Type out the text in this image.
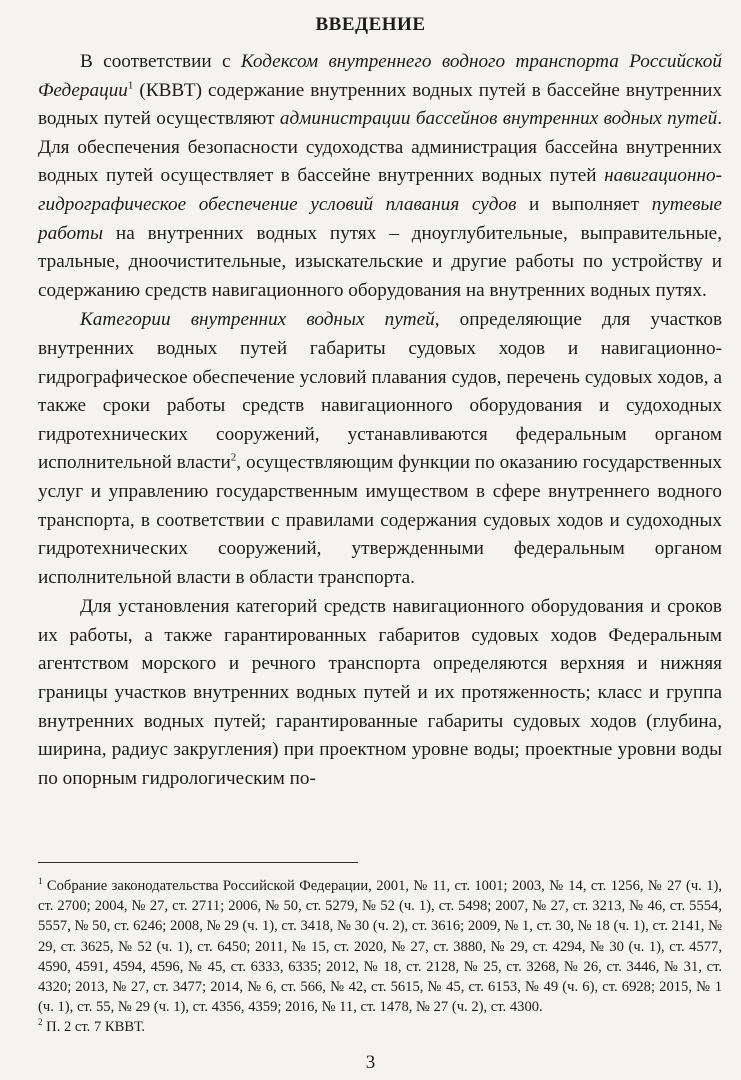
ВВЕДЕНИЕ

В соответствии с Кодексом внутреннего водного транспорта Российской Федерации$^1$ (КВВТ) содержание внутренних водных путей в бассейне внутренних водных путей осуществляют администрации бассейнов внутренних водных путей. Для обеспечения безопасности судоходства администрация бассейна внутренних водных путей осуществляет в бассейне внутренних водных путей навигационно-гидрографическое обеспечение условий плавания судов и выполняет путевые работы на внутренних водных путях – дноуглубительные, выправительные, тральные, дноочистительные, изыскательские и другие работы по устройству и содержанию средств навигационного оборудования на внутренних водных путях.

Категории внутренних водных путей, определяющие для участков внутренних водных путей габариты судовых ходов и навигационно-гидрографическое обеспечение условий плавания судов, перечень судовых ходов, а также сроки работы средств навигационного оборудования и судоходных гидротехнических сооружений, устанавливаются федеральным органом исполнительной власти$^2$, осуществляющим функции по оказанию государственных услуг и управлению государственным имуществом в сфере внутреннего водного транспорта, в соответствии с правилами содержания судовых ходов и судоходных гидротехнических сооружений, утвержденными федеральным органом исполнительной власти в области транспорта.

Для установления категорий средств навигационного оборудования и сроков их работы, а также гарантированных габаритов судовых ходов Федеральным агентством морского и речного транспорта определяются верхняя и нижняя границы участков внутренних водных путей и их протяженность; класс и группа внутренних водных путей; гарантированные габариты судовых ходов (глубина, ширина, радиус закругления) при проектном уровне воды; проектные уровни воды по опорным гидрологическим по-

$^1$ Собрание законодательства Российской Федерации, 2001, № 11, ст. 1001; 2003, № 14, ст. 1256, № 27 (ч. 1), ст. 2700; 2004, № 27, ст. 2711; 2006, № 50, ст. 5279, № 52 (ч. 1), ст. 5498; 2007, № 27, ст. 3213, № 46, ст. 5554, 5557, № 50, ст. 6246; 2008, № 29 (ч. 1), ст. 3418, № 30 (ч. 2), ст. 3616; 2009, № 1, ст. 30, № 18 (ч. 1), ст. 2141, № 29, ст. 3625, № 52 (ч. 1), ст. 6450; 2011, № 15, ст. 2020, № 27, ст. 3880, № 29, ст. 4294, № 30 (ч. 1), ст. 4577, 4590, 4591, 4594, 4596, № 45, ст. 6333, 6335; 2012, № 18, ст. 2128, № 25, ст. 3268, № 26, ст. 3446, № 31, ст. 4320; 2013, № 27, ст. 3477; 2014, № 6, ст. 566, № 42, ст. 5615, № 45, ст. 6153, № 49 (ч. 6), ст. 6928; 2015, № 1 (ч. 1), ст. 55, № 29 (ч. 1), ст. 4356, 4359; 2016, № 11, ст. 1478, № 27 (ч. 2), ст. 4300.

$^2$ П. 2 ст. 7 КВВТ.

3
